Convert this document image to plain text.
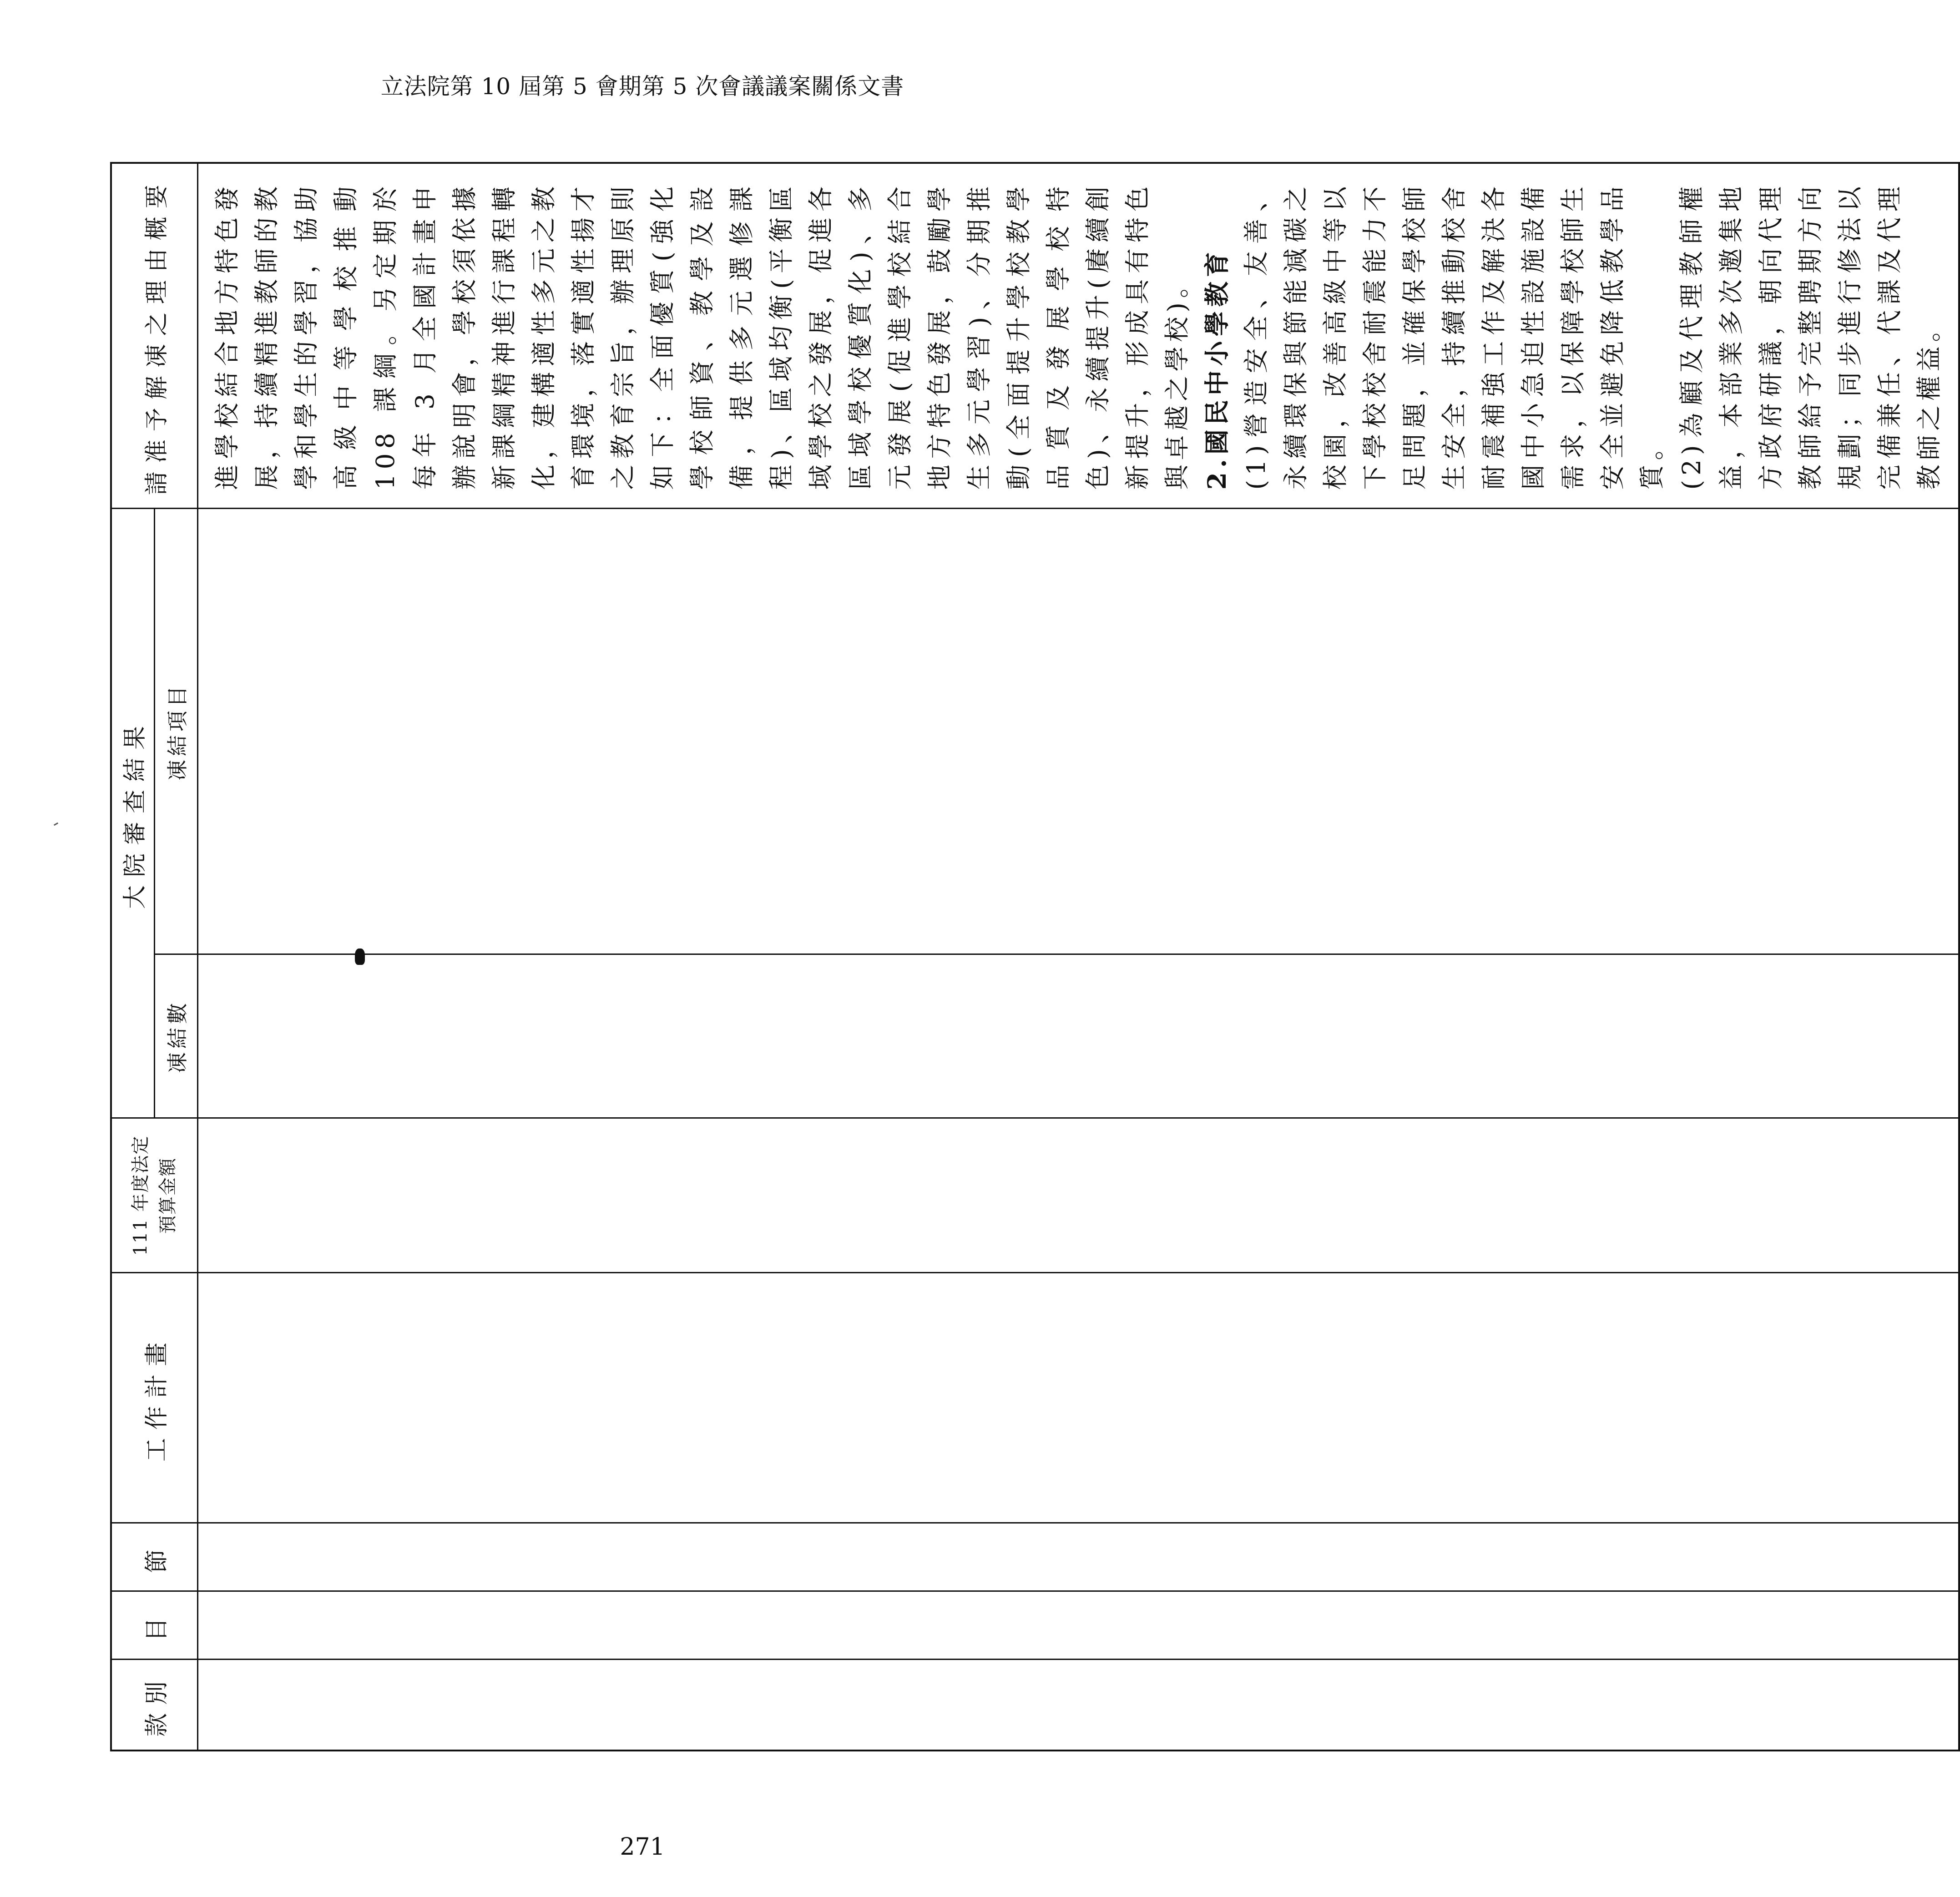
立法院第 10 屆第 5 會期第 5 次會議議案關係文書
款別	目	節	工作計畫	111 年度法定 預算金額	大院審查結果		請准予解凍之理由概要
					凍結數	凍結項目	

							進學校結合地方特色發展，持續精進教師的教學和學生的學習，協助高級中等學校推動 108 課綱。另定期於每年 3 月全國計畫申辦說明會，學校須依據新課綱精神進行課程轉化，建構適性多元之教育環境，落實適性揚才之教育宗旨，辦理原則如下：全面優質(強化學校師資、教學及設備，提供多元選修課程)、區域均衡(平衡區域學校之發展，促進各區域學校優質化)、多元發展(促進學校結合地方特色發展，鼓勵學生多元學習)、分期推動(全面提升學校教學品質及發展學校特色)、永續提升(賡續創新提升，形成具有特色與卓越之學校)。 2.國民中小學教育 (1)營造安全、友善、永續環保與節能減碳之校園，改善高級中等以下學校校舍耐震能力不足問題，並確保學校師生安全，持續推動校舍耐震補強工作及解決各國中小急迫性設施設備需求，以保障學校師生安全並避免降低教學品質。 (2)為顧及代理教師權益，本部業多次邀集地方政府研議，朝向代理教師給予完整聘期方向規劃；同步進行修法以完備兼任、代課及代理教師之權益。

271
